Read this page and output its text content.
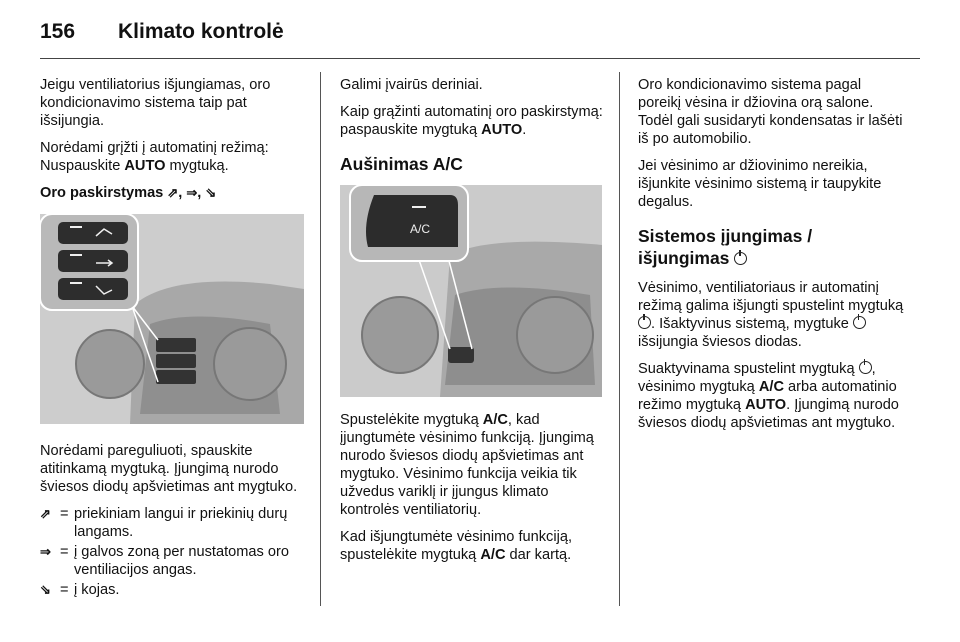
156 Klimato kontrolė

Jeigu ventiliatorius išjungiamas, oro kondicionavimo sistema taip pat išsijungia.

Norėdami grįžti į automatinį režimą: Nuspauskite AUTO mygtuką.

Oro paskirstymas ⇗, ⇒, ⇘

Norėdami pareguliuoti, spauskite atitinkamą mygtuką. Įjungimą nurodo šviesos diodų apšvietimas ant mygtuko.

⇗ = priekiniam langui ir priekinių durų langams.
⇒ = į galvos zoną per nustatomas oro ventiliacijos angas.
⇘ = į kojas.

Galimi įvairūs deriniai.

Kaip grąžinti automatinį oro paskirstymą: paspauskite mygtuką AUTO.

Aušinimas A/C
A/C

Spustelėkite mygtuką A/C, kad įjungtumėte vėsinimo funkciją. Įjungimą nurodo šviesos diodų apšvietimas ant mygtuko. Vėsinimo funkcija veikia tik užvedus variklį ir įjungus klimato kontrolės ventiliatorių.

Kad išjungtumėte vėsinimo funkciją, spustelėkite mygtuką A/C dar kartą.

Oro kondicionavimo sistema pagal poreikį vėsina ir džiovina orą salone. Todėl gali susidaryti kondensatas ir lašėti iš po automobilio.

Jei vėsinimo ar džiovinimo nereikia, išjunkite vėsinimo sistemą ir taupykite degalus.

Sistemos įjungimas / išjungimas

Vėsinimo, ventiliatoriaus ir automatinį režimą galima išjungti spustelint mygtuką . Išaktyvinus sistemą, mygtuke  išsijungia šviesos diodas.

Suaktyvinama spustelint mygtuką , vėsinimo mygtuką A/C arba automatinio režimo mygtuką AUTO. Įjungimą nurodo šviesos diodų apšvietimas ant mygtuko.
